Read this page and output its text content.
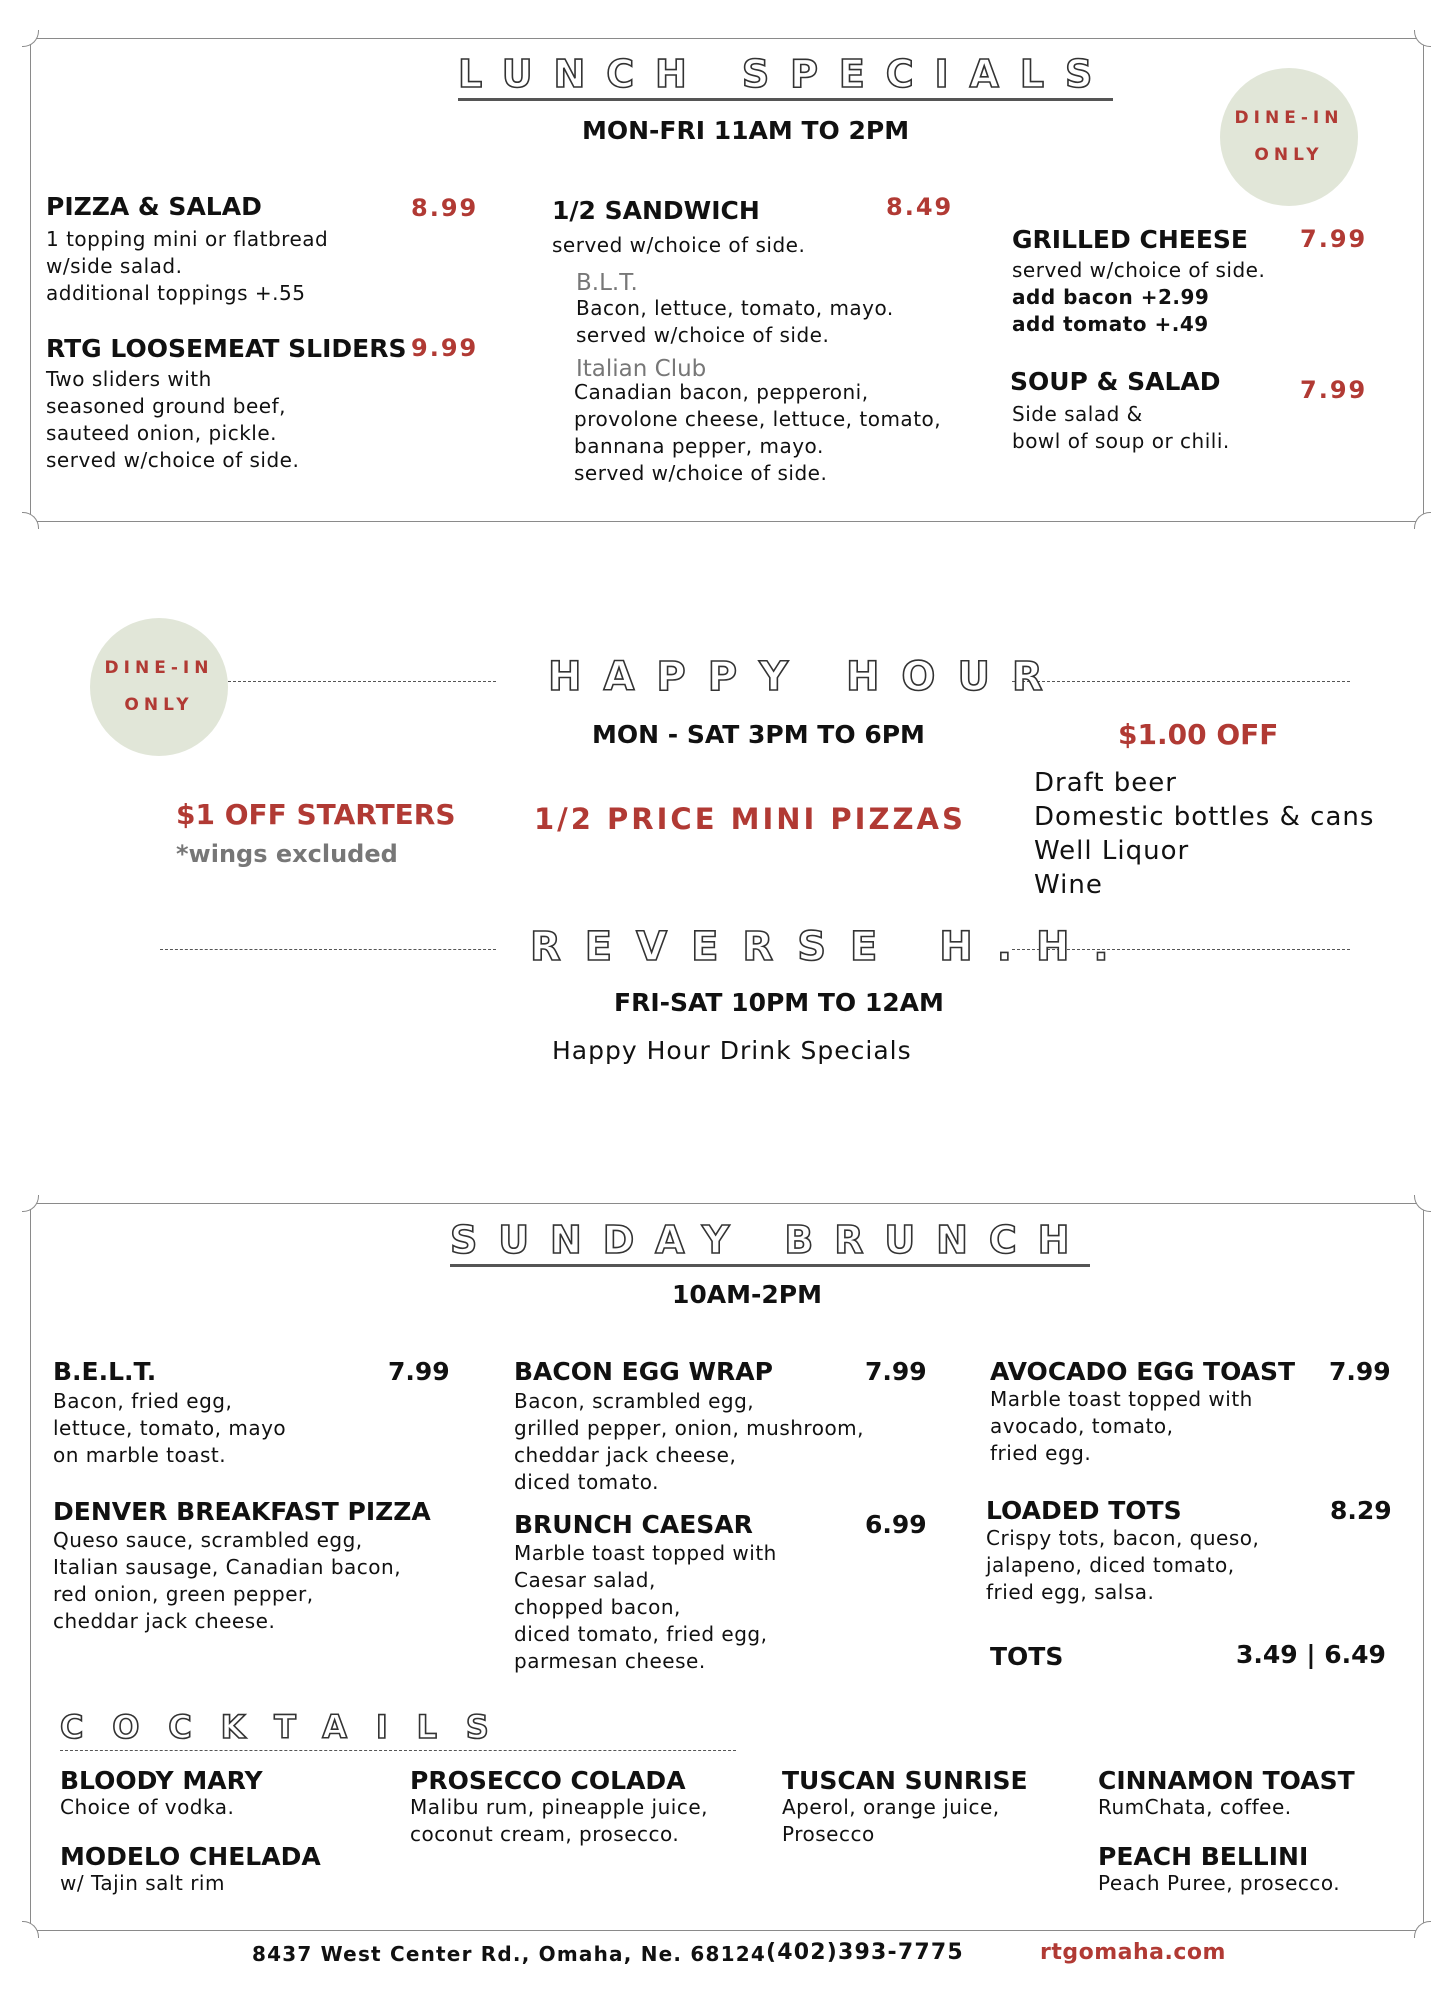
LUNCH SPECIALS
MON-FRI 11AM TO 2PM	DINE-IN
ONLY
PIZZA & SALAD	8.99
1 topping mini or flatbread
w/side salad.
additional toppings +.55
RTG LOOSEMEAT SLIDERS 9.99
Two sliders with
seasoned ground beef,
sauteed onion, pickle.
served w/choice of side.
1/2 SANDWICH	8.49
served w/choice of side.
B.L.T.
Bacon, lettuce, tomato, mayo.
served w/choice of side.
Italian Club
Canadian bacon, pepperoni,
provolone cheese, lettuce, tomato,
bannana pepper, mayo.
served w/choice of side.
GRILLED CHEESE 7.99
served w/choice of side.
add bacon +2.99
add tomato +.49
SOUP & SALAD	7.99
Side salad &
bowl of soup or chili.
DINE-IN
ONLY
HAPPY HOUR
MON - SAT 3PM TO 6PM
$1 OFF STARTERS
*wings excluded
1/2 PRICE MINI PIZZAS
$1.00 OFF
Draft beer
Domestic bottles & cans
Well Liquor
Wine
REVERSE H.H.
FRI-SAT 10PM TO 12AM
Happy Hour Drink Specials
SUNDAY BRUNCH
10AM-2PM
B.E.L.T.	7.99
Bacon, fried egg,
lettuce, tomato, mayo
on marble toast.
DENVER BREAKFAST PIZZA
Queso sauce, scrambled egg,
Italian sausage, Canadian bacon,
red onion, green pepper,
cheddar jack cheese.
BACON EGG WRAP	7.99
Bacon, scrambled egg,
grilled pepper, onion, mushroom,
cheddar jack cheese,
diced tomato.
BRUNCH CAESAR	6.99
Marble toast topped with
Caesar salad,
chopped bacon,
diced tomato, fried egg,
parmesan cheese.
AVOCADO EGG TOAST 7.99
Marble toast topped with
avocado, tomato,
fried egg.
LOADED TOTS	8.29
Crispy tots, bacon, queso,
jalapeno, diced tomato,
fried egg, salsa.
TOTS	3.49 | 6.49
COCKTAILS
BLOODY MARY
Choice of vodka.
MODELO CHELADA
w/ Tajin salt rim
PROSECCO COLADA
Malibu rum, pineapple juice,
coconut cream, prosecco.
TUSCAN SUNRISE
Aperol, orange juice,
Prosecco
CINNAMON TOAST
RumChata, coffee.
PEACH BELLINI
Peach Puree, prosecco.
8437 West Center Rd., Omaha, Ne. 68124 (402)393-7775	rtgomaha.com
